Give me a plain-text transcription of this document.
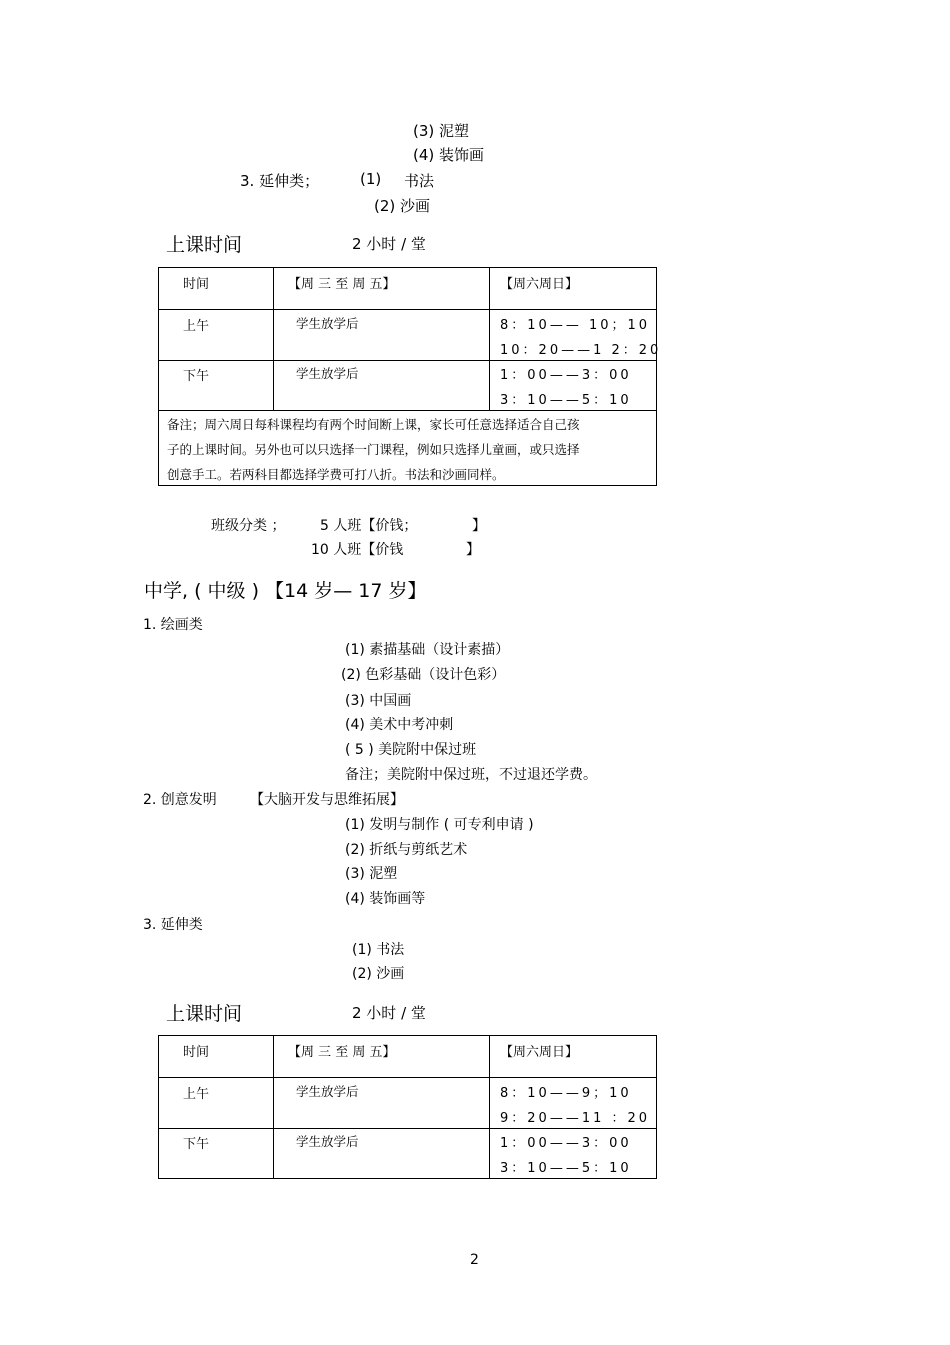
(3) 泥塑
(4) 装饰画
3. 延伸类；	(1) 书法
(2) 沙画
上课时间	2 小时 / 堂
时间	【周 三 至 周 五】	【周六周日】

上午	学生放学后	8：10—— 10；10
10：20——1 2：20

下午	学生放学后	1：00——3：00
3：10——5：10

备注；周六周日每科课程均有两个时间断上课，家长可任意选择适合自己孩
子的上课时间。另外也可以只选择一门课程，例如只选择儿童画，或只选择
创意手工。若两科目都选择学费可打八折。书法和沙画同样。		
班级分类 ； 5 人班【价钱；	】
10 人班【价钱	】
中学, ( 中级 ) 【14 岁— 17 岁】
1. 绘画类
(1) 素描基础（设计素描）
(2) 色彩基础（设计色彩）
(3) 中国画
(4) 美术中考冲刺
( 5 ) 美院附中保过班
备注；美院附中保过班，不过退还学费。
2. 创意发明 【大脑开发与思维拓展】
(1) 发明与制作 ( 可专利申请 )
(2) 折纸与剪纸艺术
(3) 泥塑
(4) 装饰画等
3. 延伸类
(1) 书法
(2) 沙画
上课时间	2 小时 / 堂
时间	【周 三 至 周 五】	【周六周日】

上午	学生放学后	8：10——9；10
9：20——11 ：20

下午	学生放学后	1：00——3：00
3：10——5：10
2
